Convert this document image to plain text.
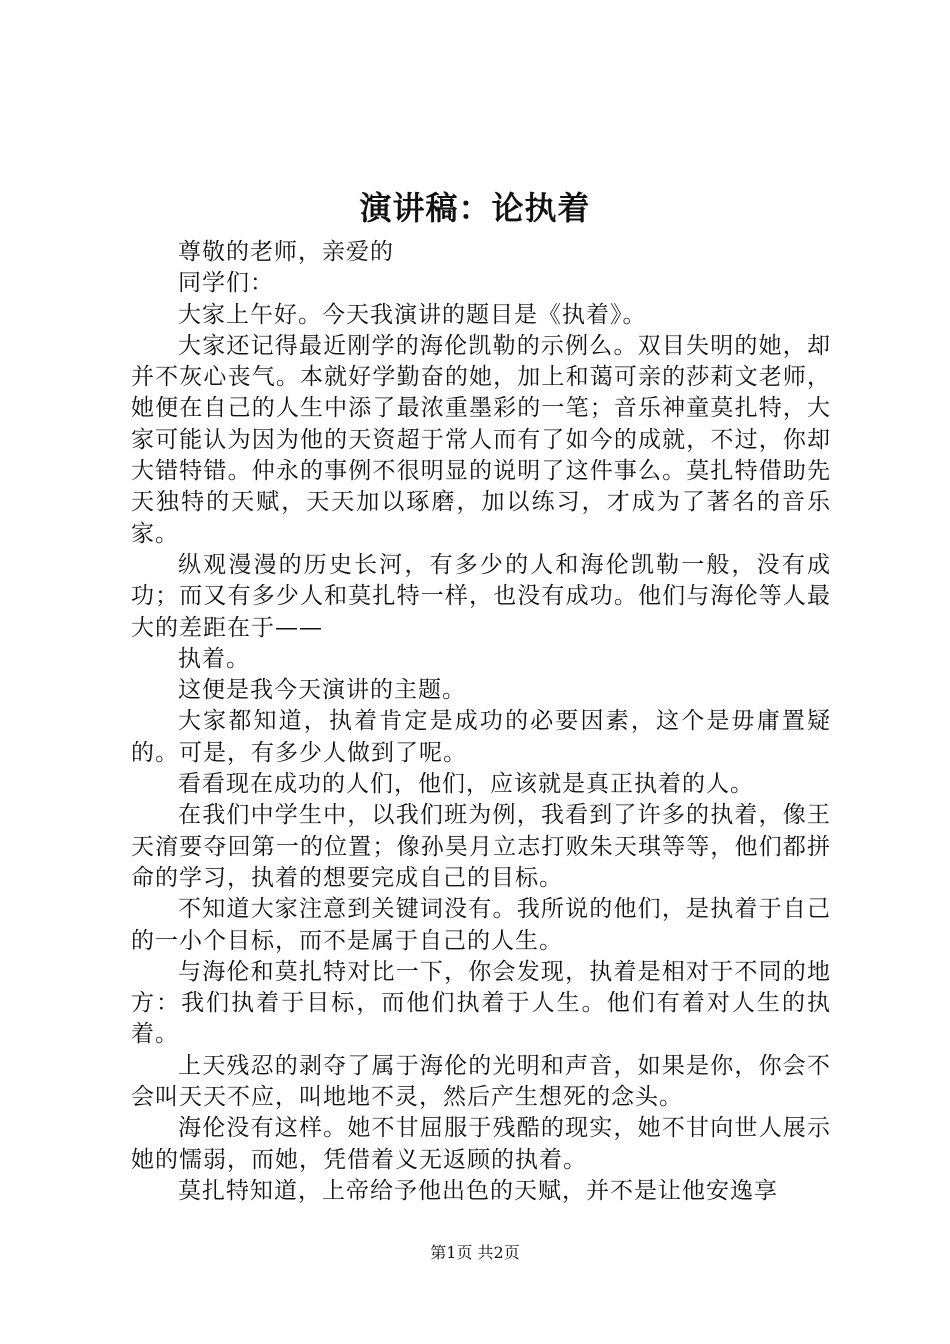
演讲稿：论执着

尊敬的老师，亲爱的

同学们：

大家上午好。今天我演讲的题目是《执着》。

大家还记得最近刚学的海伦凯勒的示例么。双目失明的她，却并不灰心丧气。本就好学勤奋的她，加上和蔼可亲的莎莉文老师，她便在自己的人生中添了最浓重墨彩的一笔；音乐神童莫扎特，大家可能认为因为他的天资超于常人而有了如今的成就，不过，你却大错特错。仲永的事例不很明显的说明了这件事么。莫扎特借助先天独特的天赋，天天加以琢磨，加以练习，才成为了著名的音乐家。

纵观漫漫的历史长河，有多少的人和海伦凯勒一般，没有成功；而又有多少人和莫扎特一样，也没有成功。他们与海伦等人最大的差距在于——

执着。

这便是我今天演讲的主题。

大家都知道，执着肯定是成功的必要因素，这个是毋庸置疑的。可是，有多少人做到了呢。

看看现在成功的人们，他们，应该就是真正执着的人。

在我们中学生中，以我们班为例，我看到了许多的执着，像王天淯要夺回第一的位置；像孙昊月立志打败朱天琪等等，他们都拼命的学习，执着的想要完成自己的目标。

不知道大家注意到关键词没有。我所说的他们，是执着于自己的一小个目标，而不是属于自己的人生。

与海伦和莫扎特对比一下，你会发现，执着是相对于不同的地方：我们执着于目标，而他们执着于人生。他们有着对人生的执着。

上天残忍的剥夺了属于海伦的光明和声音，如果是你，你会不会叫天天不应，叫地地不灵，然后产生想死的念头。

海伦没有这样。她不甘屈服于残酷的现实，她不甘向世人展示她的懦弱，而她，凭借着义无返顾的执着。

莫扎特知道，上帝给予他出色的天赋，并不是让他安逸享

第1页 共2页
